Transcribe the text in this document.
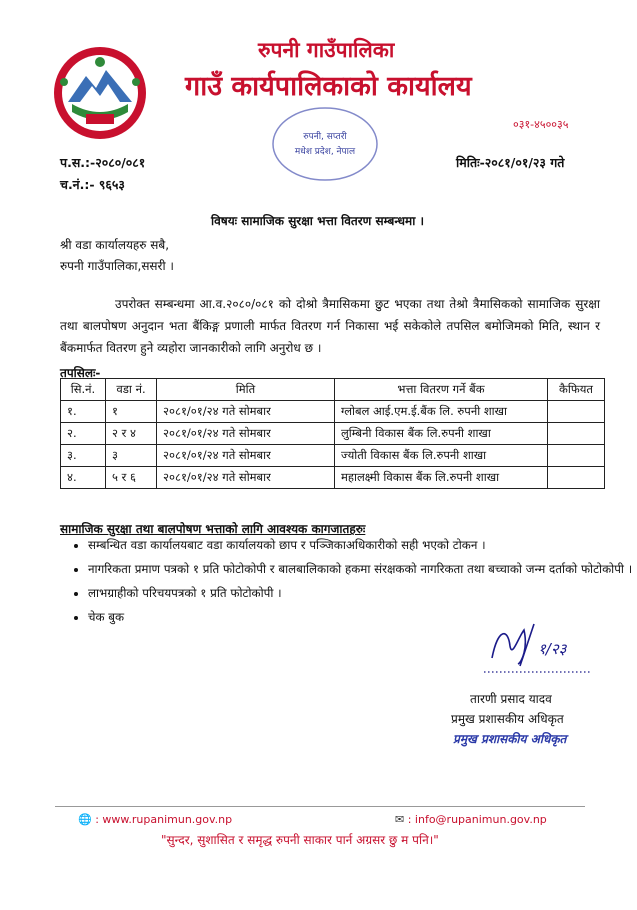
रुपनी गाउँपालिका
गाउँ कार्यपालिकाको कार्यालय
०३१-४५००३५
रुपनी, सप्तरी
मधेश प्रदेश, नेपाल
प.स.:-२०८०/०८१
च.नं.:- ९६५३
मितिः-२०८१/०१/२३ गते
विषयः सामाजिक सुरक्षा भत्ता वितरण सम्बन्धमा ।
श्री वडा कार्यालयहरु सबै,
रुपनी गाउँपालिका,ससरी ।
उपरोक्त सम्बन्धमा आ.व.२०८०/०८१ को दोश्रो त्रैमासिकमा छुट भएका तथा तेश्रो त्रैमासिकको सामाजिक सुरक्षा तथा बालपोषण अनुदान भता बैंकिङ्ग प्रणाली मार्फत वितरण गर्न निकासा भई सकेकोले तपसिल बमोजिमको मिति, स्थान र बैंकमार्फत वितरण हुने व्यहोरा जानकारीको लागि अनुरोध छ ।
तपसिलः-
सि.नं.	वडा नं.	मिति	भत्ता वितरण गर्ने बैंक	कैफियत
१.	१	२०८१/०१/२४ गते सोमबार	ग्लोबल आई.एम.ई.बैंक लि. रुपनी शाखा	
२.	२ र ४	२०८१/०१/२४ गते सोमबार	लुम्बिनी विकास बैंक लि.रुपनी शाखा	
३.	३	२०८१/०१/२४ गते सोमबार	ज्योती विकास बैंक लि.रुपनी शाखा	
४.	५ र ६	२०८१/०१/२४ गते सोमबार	महालक्ष्मी विकास बैंक लि.रुपनी शाखा	
सामाजिक सुरक्षा तथा बालपोषण भत्ताको लागि आवश्यक कागजातहरुः
• सम्बन्धित वडा कार्यालयबाट वडा कार्यालयको छाप र पञ्जिकाअधिकारीको सही भएको टोकन ।
• नागरिकता प्रमाण पत्रको १ प्रति फोटोकोपी र बालबालिकाको हकमा संरक्षकको नागरिकता तथा बच्चाको जन्म दर्ताको फोटोकोपी ।
• लाभग्राहीको परिचयपत्रको १ प्रति फोटोकोपी ।
• चेक बुक
१/२३
तारणी प्रसाद यादव
प्रमुख प्रशासकीय अधिकृत
प्रमुख प्रशासकीय अधिकृत
🌐 : www.rupanimun.gov.np	✉ : info@rupanimun.gov.np
"सुन्दर, सुशासित र समृद्ध रुपनी साकार पार्न अग्रसर छु म पनि।"
